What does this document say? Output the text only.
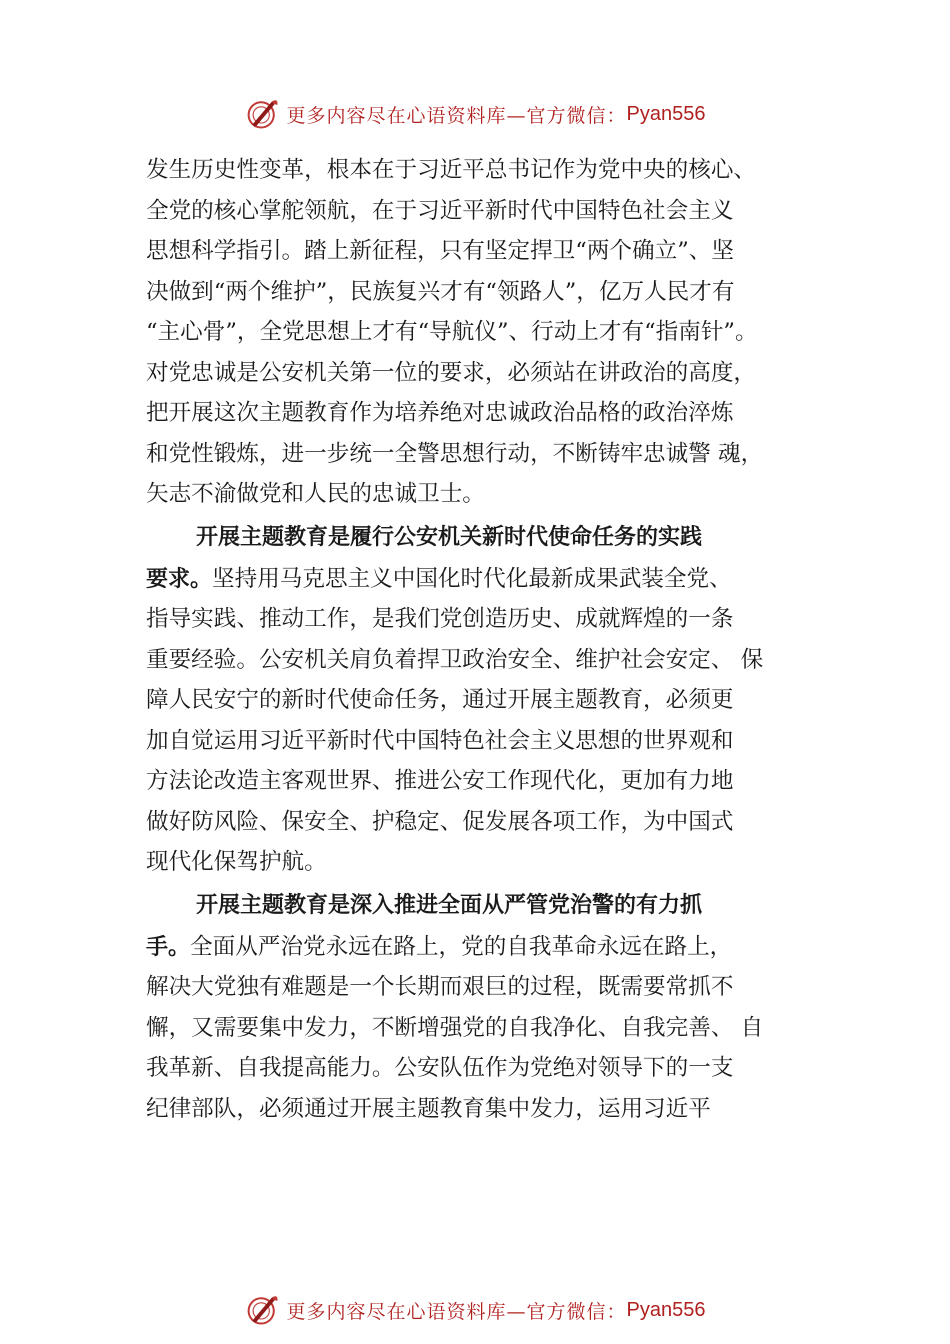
更多内容尽在心语资料库—官方微信： Pyan556
发生历史性变革，根本在于习近平总书记作为党中央的核心、
全党的核心掌舵领航，在于习近平新时代中国特色社会主义
思想科学指引。踏上新征程，只有坚定捍卫“两个确立”、坚
决做到“两个维护”，民族复兴才有“领路人”，亿万人民才有
“主心骨”，全党思想上才有“导航仪”、行动上才有“指南针”。
对党忠诚是公安机关第一位的要求，必须站在讲政治的高度，
把开展这次主题教育作为培养绝对忠诚政治品格的政治淬炼
和党性锻炼，进一步统一全警思想行动，不断铸牢忠诚警 魂，
矢志不渝做党和人民的忠诚卫士。
开展主题教育是履行公安机关新时代使命任务的实践
要求。坚持用马克思主义中国化时代化最新成果武装全党、
指导实践、推动工作，是我们党创造历史、成就辉煌的一条
重要经验。公安机关肩负着捍卫政治安全、维护社会安定、 保
障人民安宁的新时代使命任务，通过开展主题教育，必须更
加自觉运用习近平新时代中国特色社会主义思想的世界观和
方法论改造主客观世界、推进公安工作现代化，更加有力地
做好防风险、保安全、护稳定、促发展各项工作，为中国式
现代化保驾护航。
开展主题教育是深入推进全面从严管党治警的有力抓
手。全面从严治党永远在路上，党的自我革命永远在路上，
解决大党独有难题是一个长期而艰巨的过程，既需要常抓不
懈，又需要集中发力，不断增强党的自我净化、自我完善、 自
我革新、自我提高能力。公安队伍作为党绝对领导下的一支
纪律部队，必须通过开展主题教育集中发力，运用习近平
更多内容尽在心语资料库—官方微信： Pyan556
